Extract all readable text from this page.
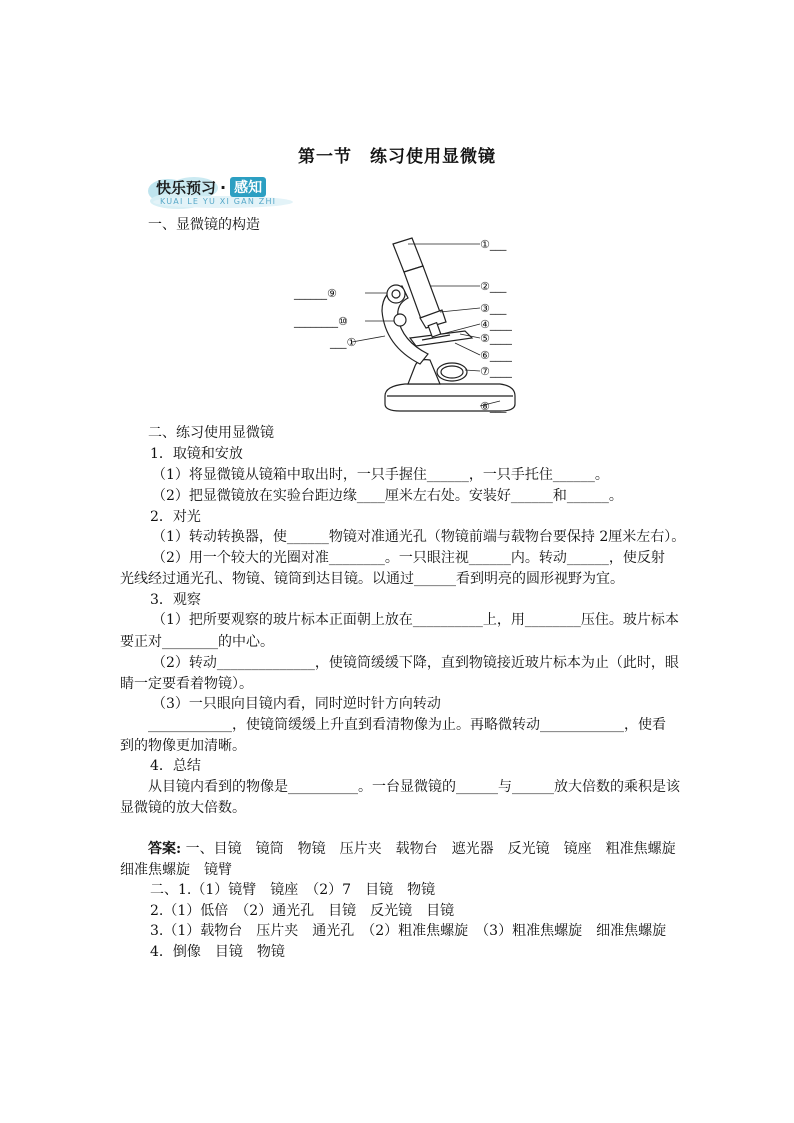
第一节　练习使用显微镜
快乐预习 · 感知
KUAI LE YU XI GAN ZHI
一、显微镜的构造
①___
②___
③___
④____
⑤____
⑥____
⑦____
⑧___
______⑨
________⑩
___①
二、练习使用显微镜
1．取镜和安放
（1）将显微镜从镜箱中取出时，一只手握住______，一只手托住______。
（2）把显微镜放在实验台距边缘____厘米左右处。安装好______和______。
2．对光
（1）转动转换器，使______物镜对准通光孔（物镜前端与载物台要保持 2厘米左右）。
（2）用一个较大的光圈对准________。一只眼注视______内。转动______，使反射
光线经过通光孔、物镜、镜筒到达目镜。以通过______看到明亮的圆形视野为宜。
3．观察
（1）把所要观察的玻片标本正面朝上放在__________上，用________压住。玻片标本
要正对________的中心。
（2）转动______________，使镜筒缓缓下降，直到物镜接近玻片标本为止（此时，眼
睛一定要看着物镜）。
（3）一只眼向目镜内看，同时逆时针方向转动
____________，使镜筒缓缓上升直到看清物像为止。再略微转动____________，使看
到的物像更加清晰。
4．总结
从目镜内看到的物像是__________。一台显微镜的______与______放大倍数的乘积是该
显微镜的放大倍数。
答案: 一、目镜　镜筒　物镜　压片夹　载物台　遮光器　反光镜　镜座　粗准焦螺旋
细准焦螺旋　镜臂
二、1.（1）镜臂　镜座　（2）7　目镜　物镜
2.（1）低倍　（2）通光孔　目镜　反光镜　目镜
3.（1）载物台　压片夹　通光孔　（2）粗准焦螺旋　（3）粗准焦螺旋　细准焦螺旋
4．倒像　目镜　物镜
